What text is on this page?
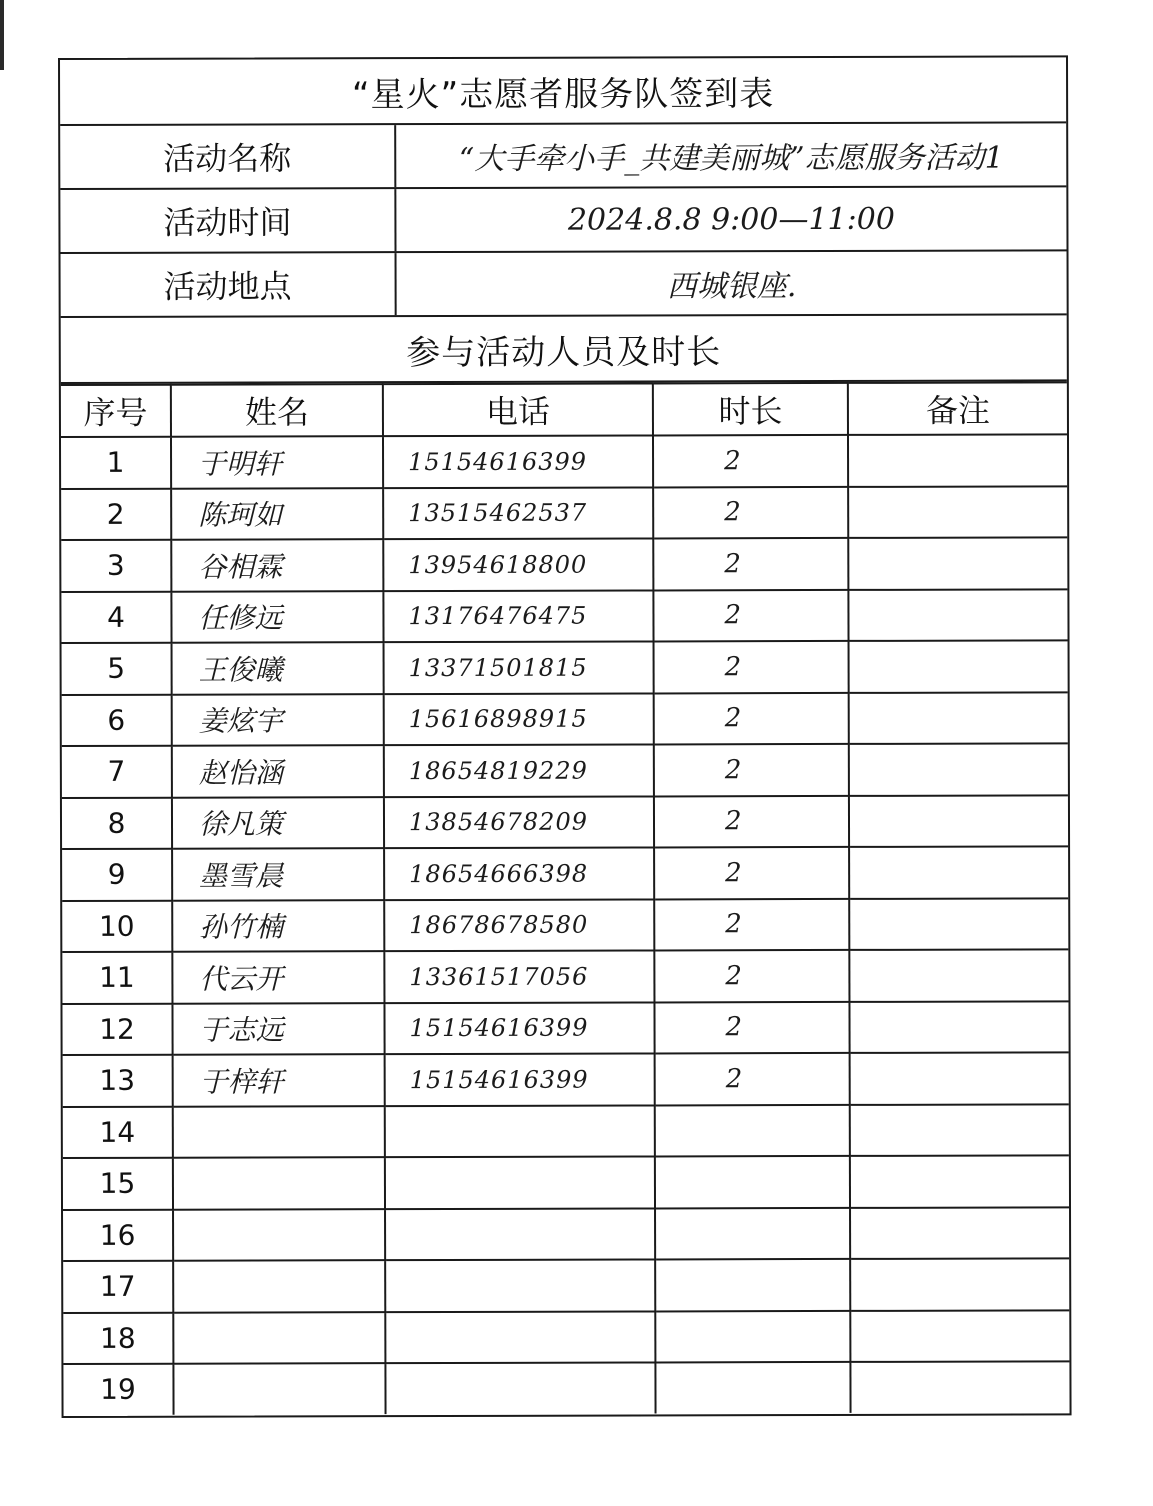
“星火”志愿者服务队签到表
活动名称	“大手牵小手_共建美丽城”志愿服务活动1
活动时间	2024.8.8 9:00—11:00
活动地点	西城银座.
参与活动人员及时长
序号	姓名	电话	时长	备注
1	于明轩	15154616399	2	
2	陈珂如	13515462537	2	
3	谷相霖	13954618800	2	
4	任修远	13176476475	2	
5	王俊曦	13371501815	2	
6	姜炫宇	15616898915	2	
7	赵怡涵	18654819229	2	
8	徐凡策	13854678209	2	
9	墨雪晨	18654666398	2	
10	孙竹楠	18678678580	2	
11	代云开	13361517056	2	
12	于志远	15154616399	2	
13	于梓轩	15154616399	2	
14				
15				
16				
17				
18				
19				
